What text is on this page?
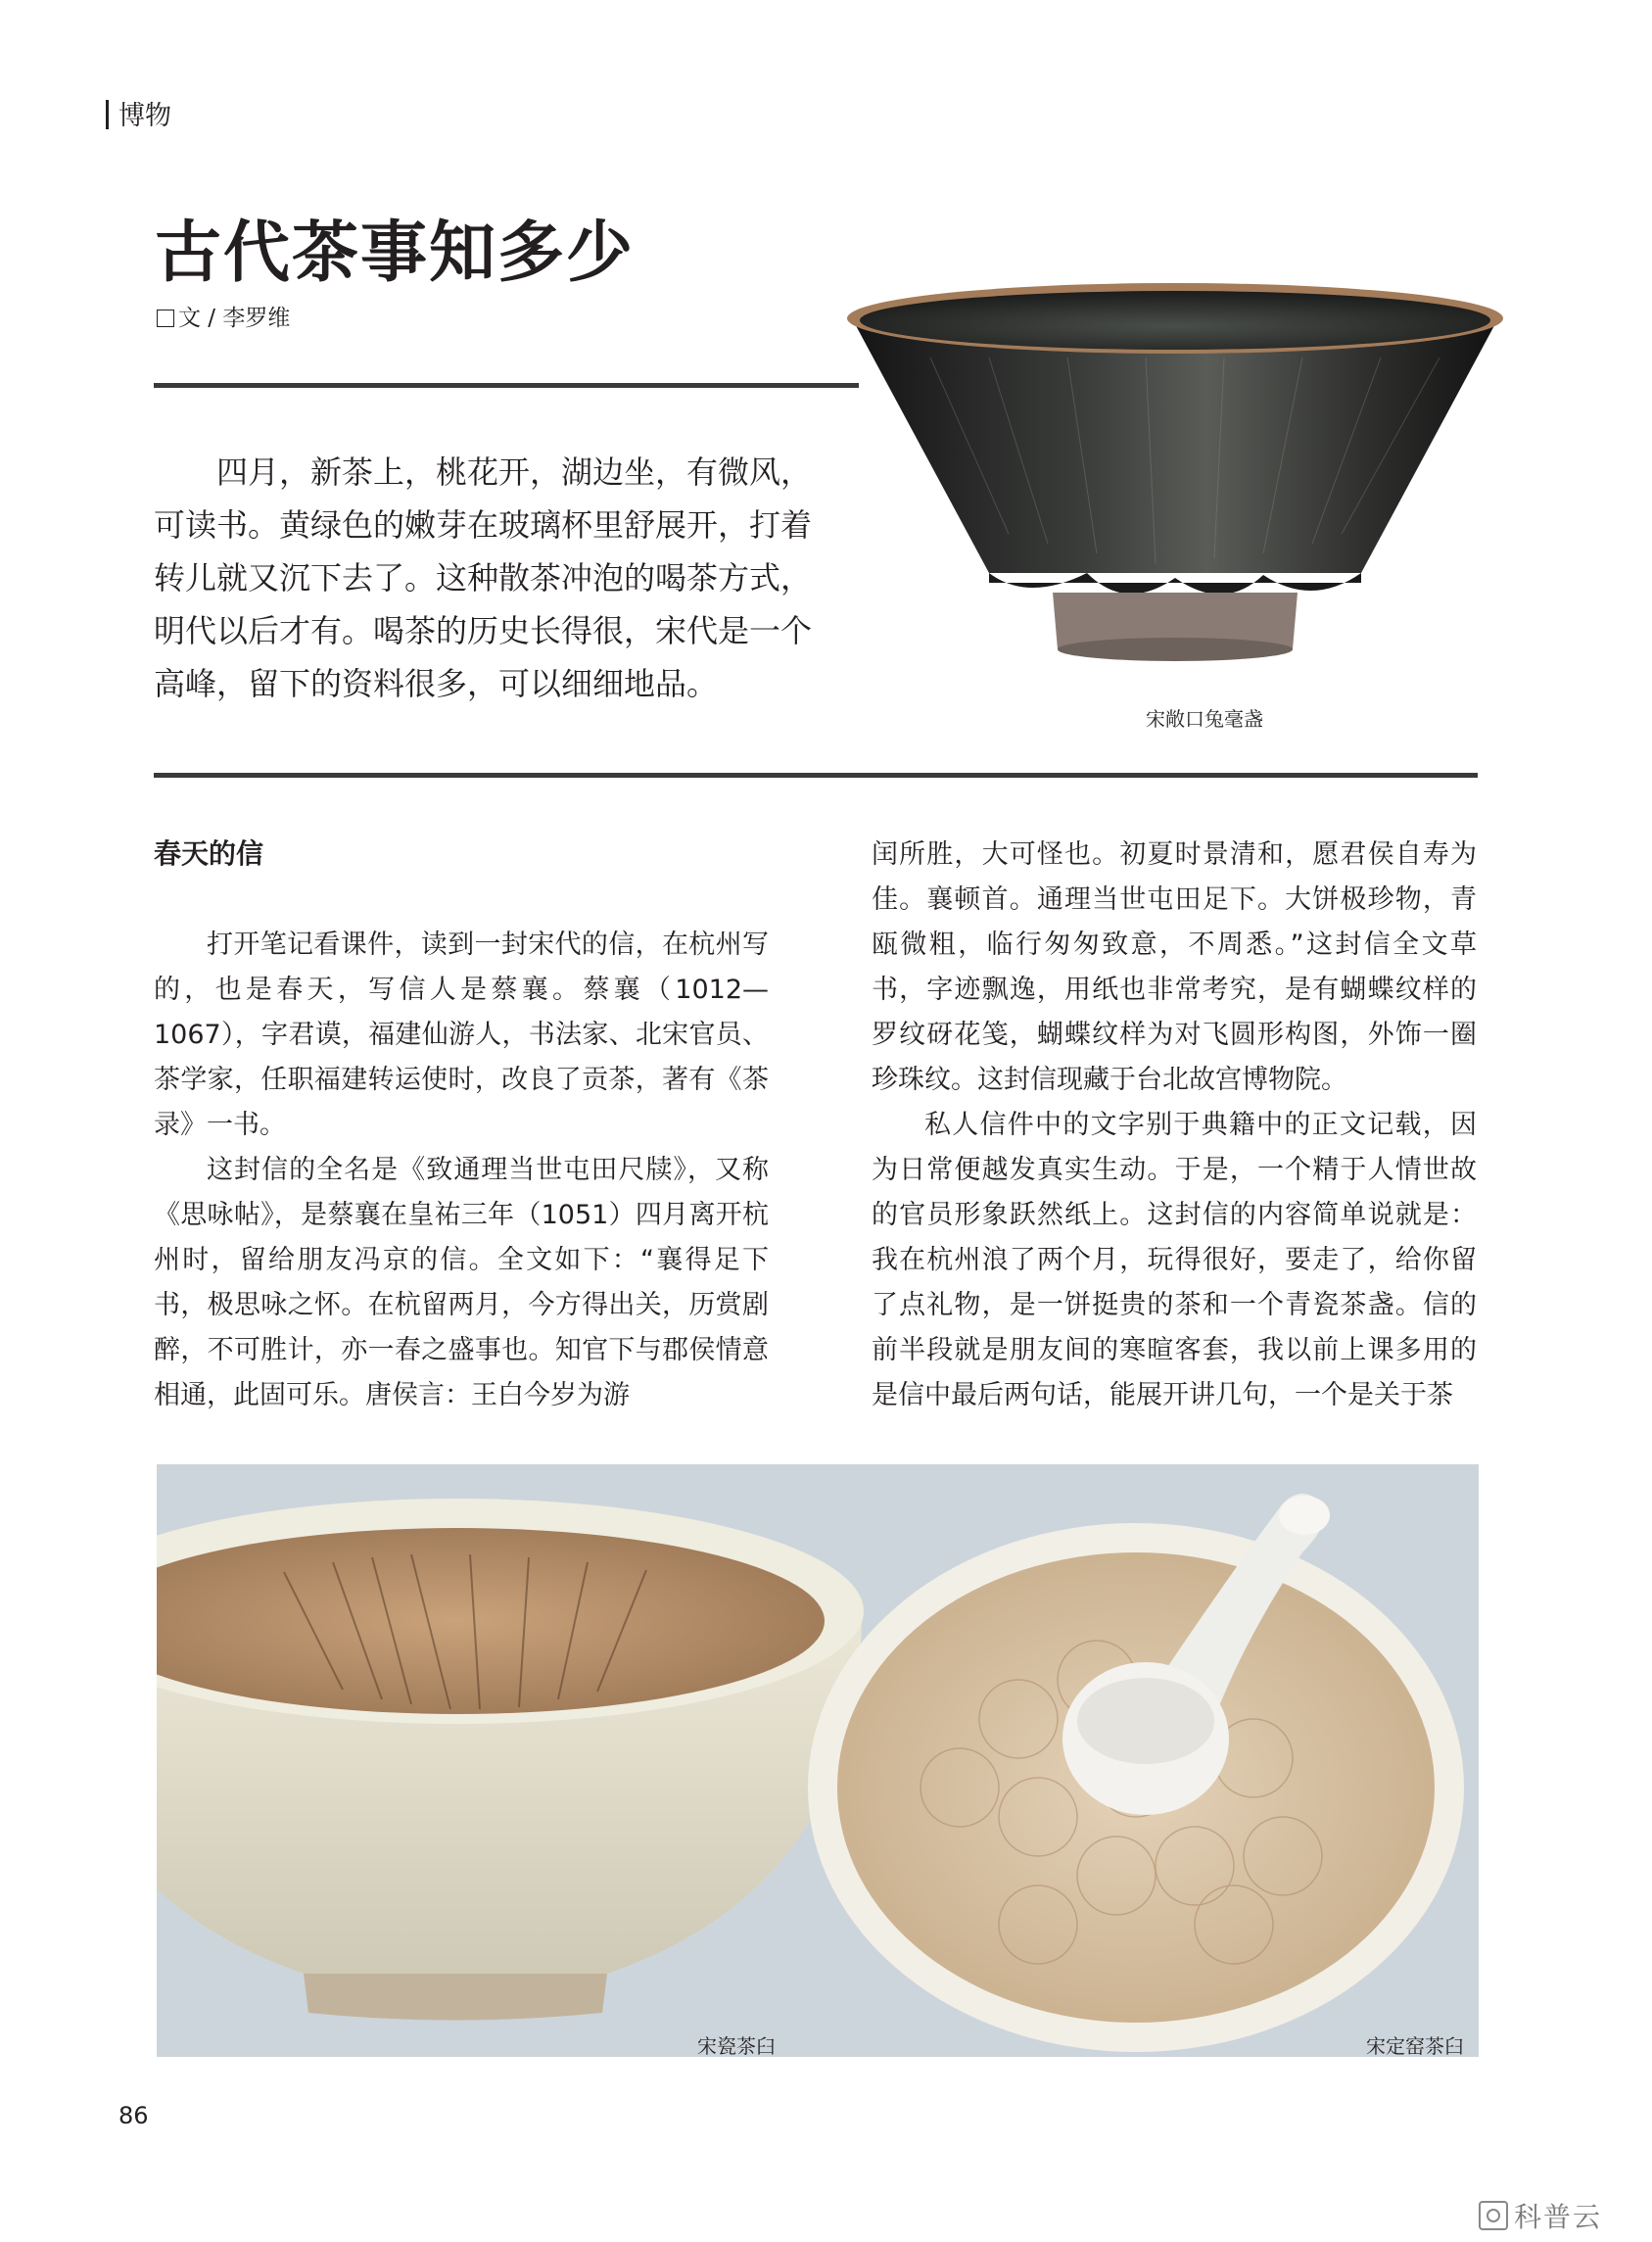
博物
古代茶事知多少
文 / 李罗维

四月，新茶上，桃花开，湖边坐，有微风，可读书。黄绿色的嫩芽在玻璃杯里舒展开，打着转儿就又沉下去了。这种散茶冲泡的喝茶方式，明代以后才有。喝茶的历史长得很，宋代是一个高峰，留下的资料很多，可以细细地品。

宋敞口兔毫盏
春天的信

打开笔记看课件，读到一封宋代的信，在杭州写的，也是春天，写信人是蔡襄。蔡襄（1012—1067），字君谟，福建仙游人，书法家、北宋官员、茶学家，任职福建转运使时，改良了贡茶，著有《茶录》一书。

这封信的全名是《致通理当世屯田尺牍》，又称《思咏帖》，是蔡襄在皇祐三年（1051）四月离开杭州时，留给朋友冯京的信。全文如下：“襄得足下书，极思咏之怀。在杭留两月，今方得出关，历赏剧醉，不可胜计，亦一春之盛事也。知官下与郡侯情意相通，此固可乐。唐侯言：王白今岁为游

闰所胜，大可怪也。初夏时景清和，愿君侯自寿为佳。襄顿首。通理当世屯田足下。大饼极珍物，青瓯微粗，临行匆匆致意，不周悉。”这封信全文草书，字迹飘逸，用纸也非常考究，是有蝴蝶纹样的罗纹砑花笺，蝴蝶纹样为对飞圆形构图，外饰一圈珍珠纹。这封信现藏于台北故宫博物院。

私人信件中的文字别于典籍中的正文记载，因为日常便越发真实生动。于是，一个精于人情世故的官员形象跃然纸上。这封信的内容简单说就是：我在杭州浪了两个月，玩得很好，要走了，给你留了点礼物，是一饼挺贵的茶和一个青瓷茶盏。信的前半段就是朋友间的寒暄客套，我以前上课多用的是信中最后两句话，能展开讲几句，一个是关于茶

宋瓷茶臼	宋定窑茶臼
86
科普云
